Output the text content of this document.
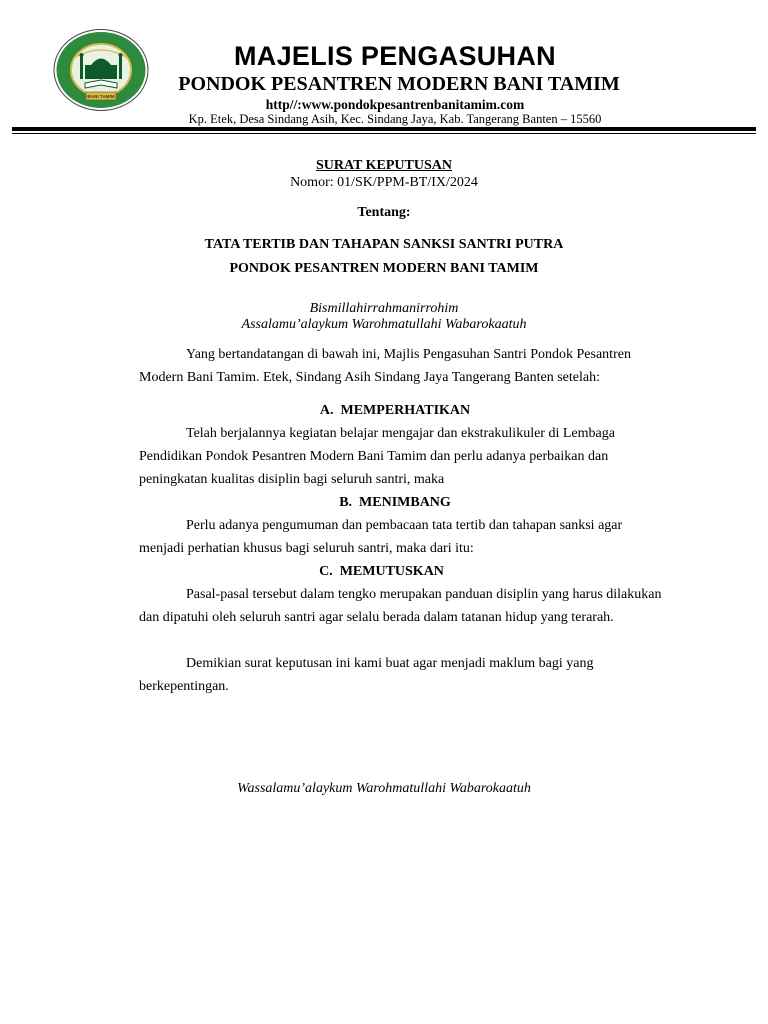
BANI TAMIM
MAJELIS PENGASUHAN
PONDOK PESANTREN MODERN BANI TAMIM
http//:www.pondokpesantrenbanitamim.com
Kp. Etek, Desa Sindang Asih, Kec. Sindang Jaya, Kab. Tangerang Banten – 15560
SURAT KEPUTUSAN
Nomor: 01/SK/PPM-BT/IX/2024
Tentang:
TATA TERTIB DAN TAHAPAN SANKSI SANTRI PUTRA
PONDOK PESANTREN MODERN BANI TAMIM
Bismillahirrahmanirrohim
Assalamu’alaykum Warohmatullahi Wabarokaatuh
Yang bertandatangan di bawah ini, Majlis Pengasuhan Santri Pondok Pesantren Modern Bani Tamim. Etek, Sindang Asih Sindang Jaya Tangerang Banten setelah:
A. MEMPERHATIKAN
Telah berjalannya kegiatan belajar mengajar dan ekstrakulikuler di Lembaga Pendidikan Pondok Pesantren Modern Bani Tamim dan perlu adanya perbaikan dan peningkatan kualitas disiplin bagi seluruh santri, maka
B. MENIMBANG
Perlu adanya pengumuman dan pembacaan tata tertib dan tahapan sanksi agar menjadi perhatian khusus bagi seluruh santri, maka dari itu:
C. MEMUTUSKAN
Pasal-pasal tersebut dalam tengko merupakan panduan disiplin yang harus dilakukan dan dipatuhi oleh seluruh santri agar selalu berada dalam tatanan hidup yang terarah.
Demikian surat keputusan ini kami buat agar menjadi maklum bagi yang berkepentingan.
Wassalamu’alaykum Warohmatullahi Wabarokaatuh
